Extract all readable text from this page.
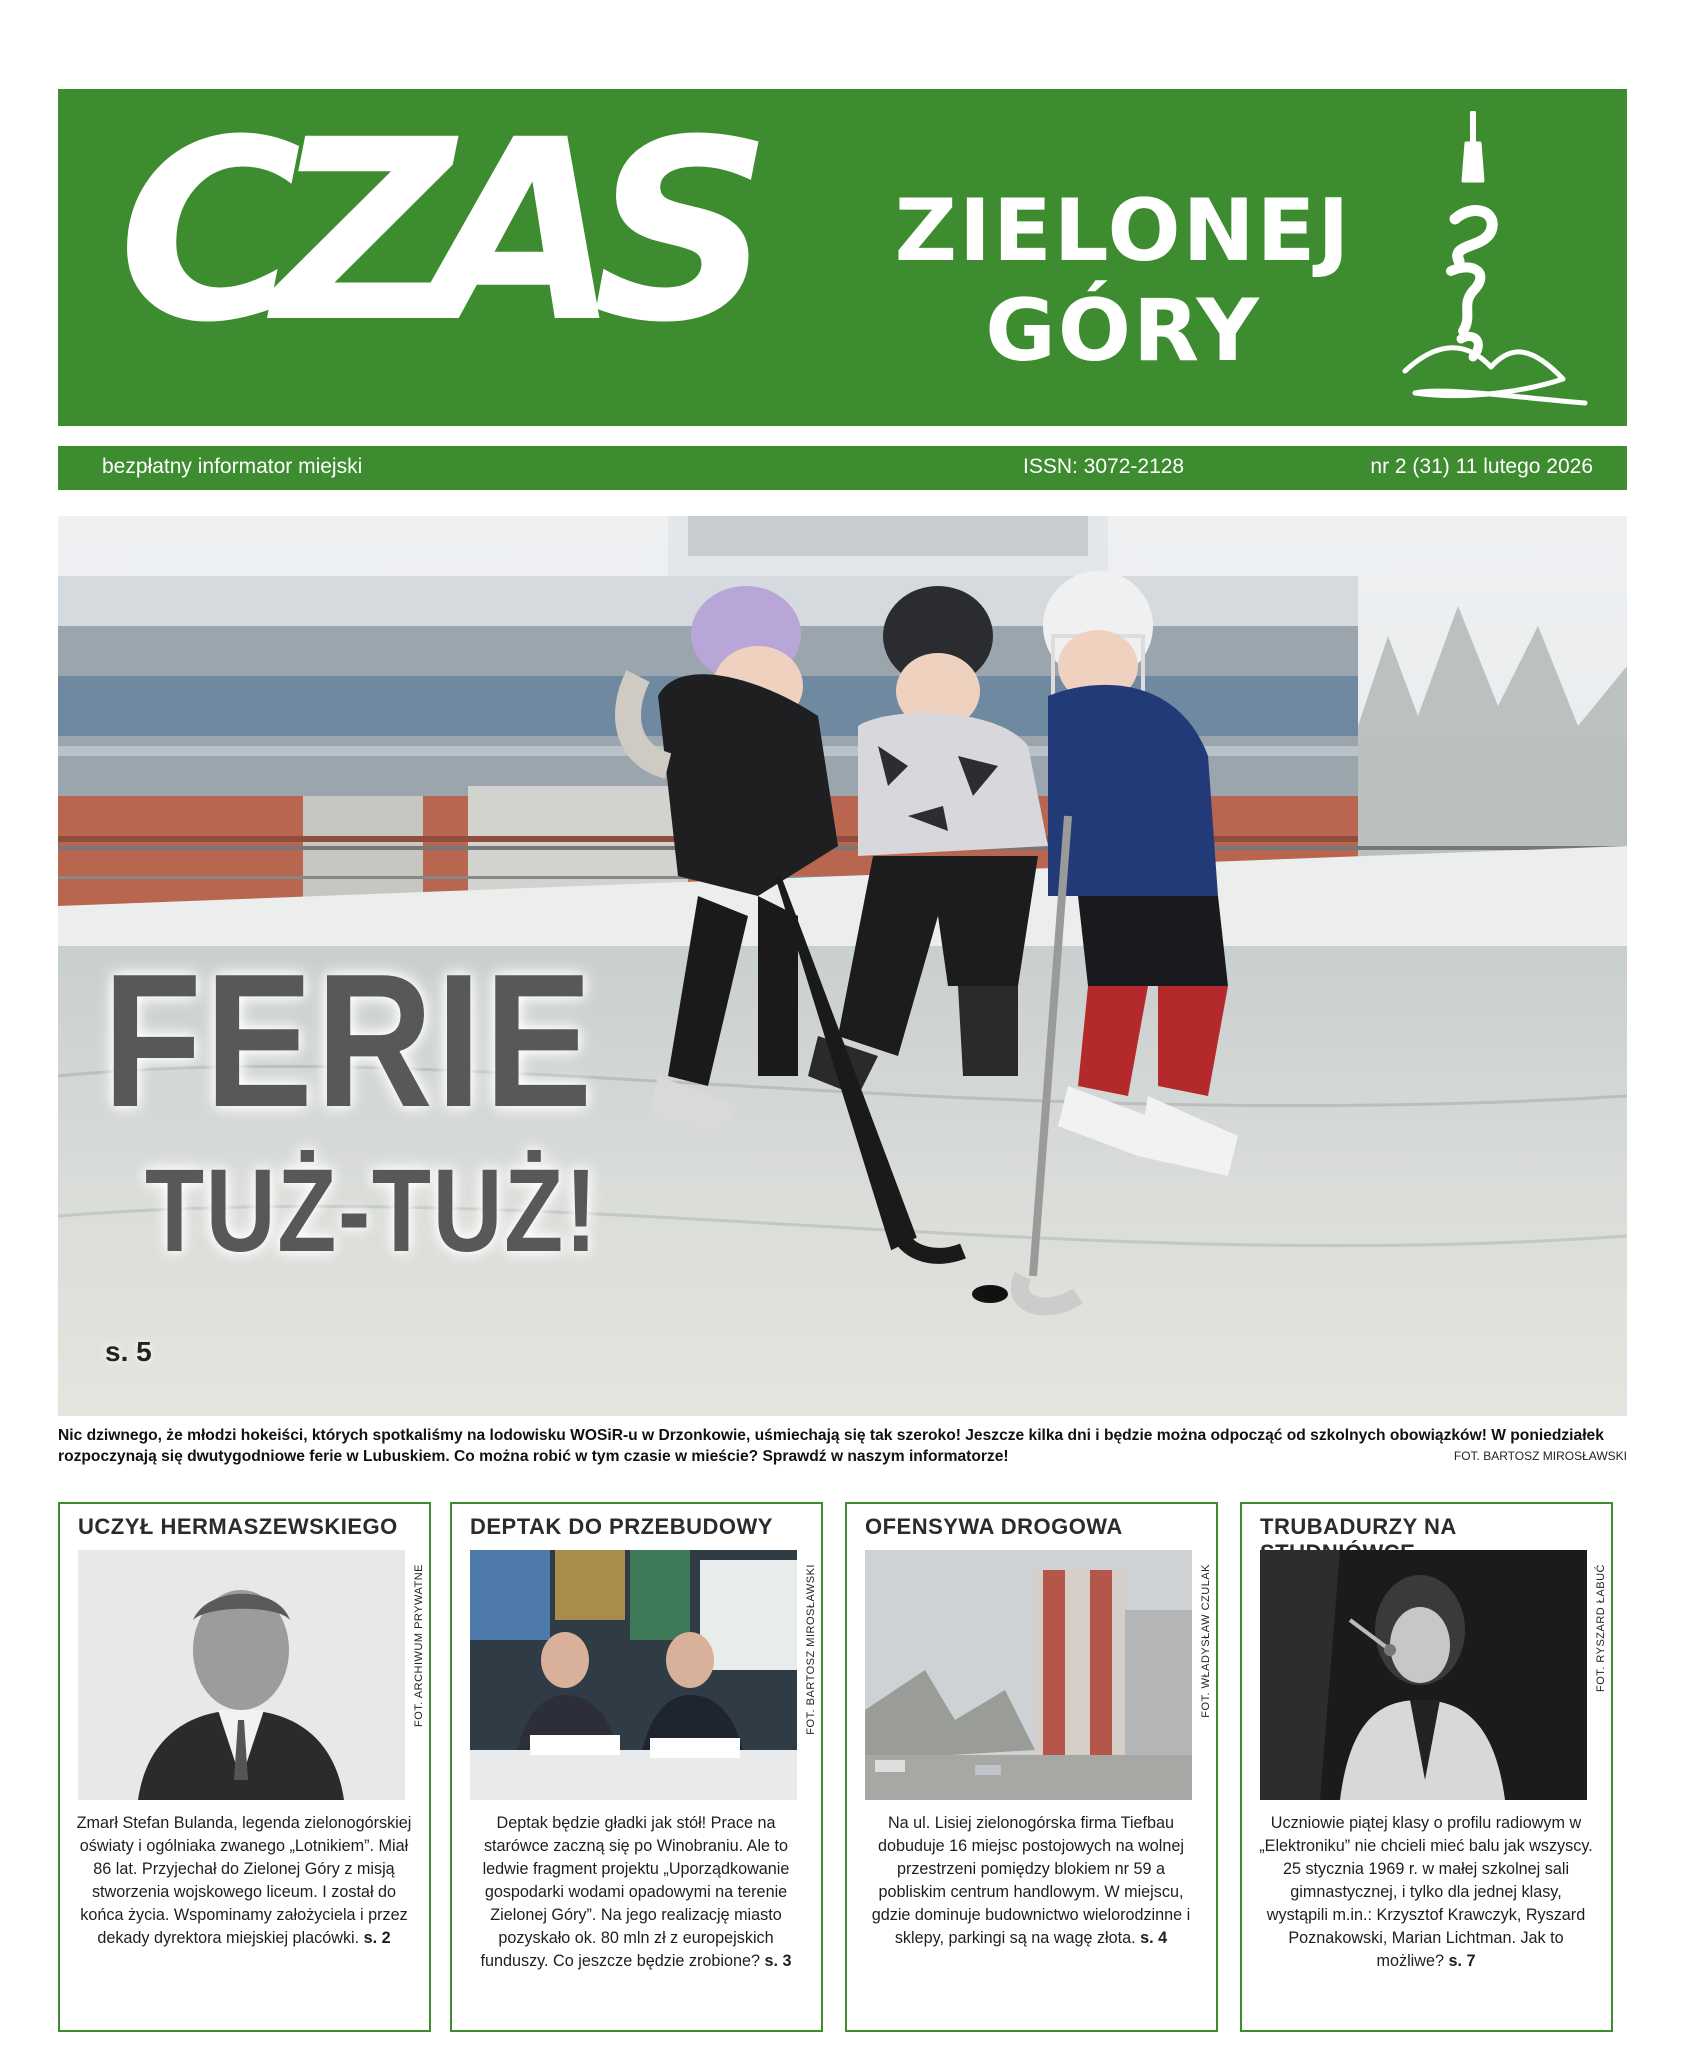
CZAS	ZIELONEJ
GÓRY
bezpłatny informator miejski	ISSN: 3072-2128	nr 2 (31) 11 lutego 2026
FERIE
TUŻ-TUŻ!
s. 5
Nic dziwnego, że młodzi hokeiści, których spotkaliśmy na lodowisku WOSiR-u w Drzonkowie, uśmiechają się tak szeroko! Jeszcze kilka dni i będzie można odpocząć od szkolnych obowiązków! W poniedziałek rozpoczynają się dwutygodniowe ferie w Lubuskiem. Co można robić w tym czasie w mieście? Sprawdź w naszym informatorze!	FOT. BARTOSZ MIROSŁAWSKI
UCZYŁ HERMASZEWSKIEGO
FOT. ARCHIWUM PRYWATNE
Zmarł Stefan Bulanda, legenda zielonogórskiej oświaty i ogólniaka zwanego „Lotnikiem”. Miał 86 lat. Przyjechał do Zielonej Góry z misją stworzenia wojskowego liceum. I został do końca życia. Wspominamy założyciela i przez dekady dyrektora miejskiej placówki. s. 2
DEPTAK DO PRZEBUDOWY
FOT. BARTOSZ MIROSŁAWSKI
Deptak będzie gładki jak stół! Prace na starówce zaczną się po Winobraniu. Ale to ledwie fragment projektu „Uporządkowanie gospodarki wodami opadowymi na terenie Zielonej Góry”. Na jego realizację miasto pozyskało ok. 80 mln zł z europejskich funduszy. Co jeszcze będzie zrobione? s. 3
OFENSYWA DROGOWA
FOT. WŁADYSŁAW CZULAK
Na ul. Lisiej zielonogórska firma Tiefbau dobuduje 16 miejsc postojowych na wolnej przestrzeni pomiędzy blokiem nr 59 a pobliskim centrum handlowym. W miejscu, gdzie dominuje budownictwo wielorodzinne i sklepy, parkingi są na wagę złota. s. 4
TRUBADURZY NA
FOT. RYSZARD ŁABUĆ
Uczniowie piątej klasy o profilu radiowym w „Elektroniku” nie chcieli mieć balu jak wszyscy. 25 stycznia 1969 r. w małej szkolnej sali gimnastycznej, i tylko dla jednej klasy, wystąpili m.in.: Krzysztof Krawczyk, Ryszard Poznakowski, Marian Lichtman. Jak to możliwe? s. 7
